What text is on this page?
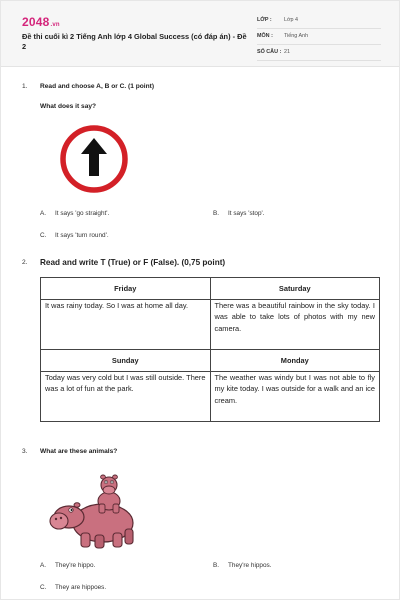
2048.vn
Đề thi cuối kì 2 Tiếng Anh lớp 4 Global Success (có đáp án) - Đề 2
LỚP : Lớp 4
MÔN : Tiếng Anh
SỐ CÂU : 21
1. Read and choose A, B or C. (1 point)
What does it say?
A. It says 'go straight'.	B. It says 'stop'.
C. It says 'turn round'.
2. Read and write T (True) or F (False). (0,75 point)
Friday	Saturday
It was rainy today. So I was at home all day.	There was a beautiful rainbow in the sky today. I was able to take lots of photos with my new camera.
Sunday	Monday
Today was very cold but I was still outside. There was a lot of fun at the park.	The weather was windy but I was not able to fly my kite today. I was outside for a walk and an ice cream.
3. What are these animals?
A. They're hippo.	B. They're hippos.
C. They are hippoes.
